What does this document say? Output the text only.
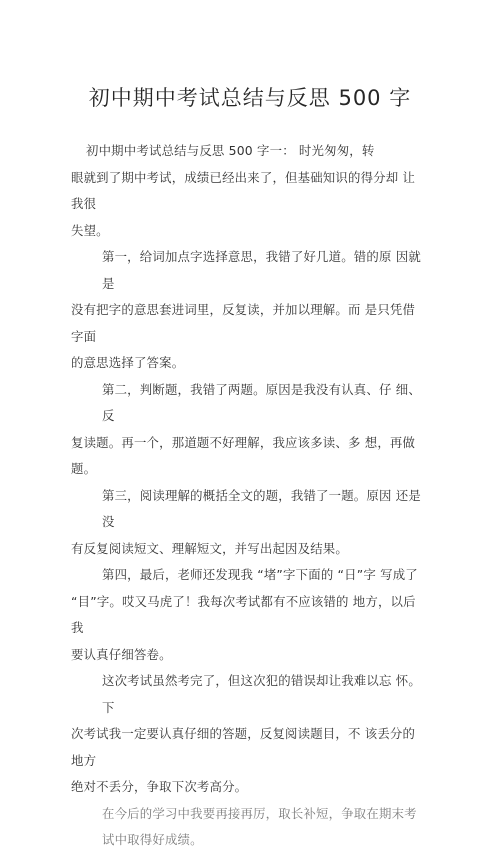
初中期中考试总结与反思 500 字

初中期中考试总结与反思 500 字一： 时光匆匆，转

眼就到了期中考试，成绩已经出来了，但基础知识的得分却 让我很

失望。

第一，给词加点字选择意思，我错了好几道。错的原 因就是

没有把字的意思套进词里，反复读，并加以理解。而 是只凭借字面

的意思选择了答案。

第二，判断题，我错了两题。原因是我没有认真、仔 细、反

复读题。再一个，那道题不好理解，我应该多读、多 想，再做题。

第三，阅读理解的概括全文的题，我错了一题。原因 还是没

有反复阅读短文、理解短文，并写出起因及结果。

第四，最后，老师还发现我 “堵”字下面的 “日”字 写成了

“目”字。哎又马虎了！我每次考试都有不应该错的 地方，以后我

要认真仔细答卷。

这次考试虽然考完了，但这次犯的错误却让我难以忘 怀。下

次考试我一定要认真仔细的答题，反复阅读题目，不 该丢分的地方

绝对不丢分，争取下次考高分。

在今后的学习中我要再接再厉，取长补短，争取在期末考试中取得好成绩。
